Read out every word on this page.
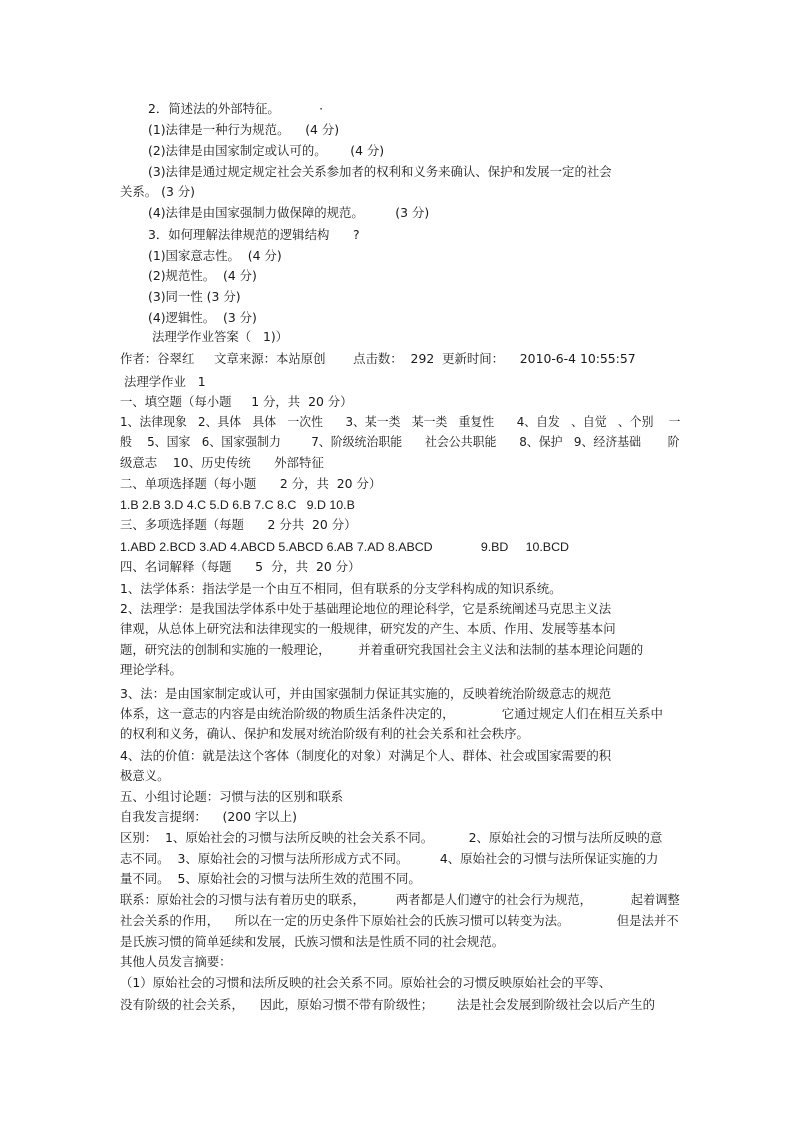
2．简述法的外部特征。          ·
(1)法律是一种行为规范。    (4 分)
(2)法律是由国家制定或认可的。      (4 分)
(3)法律是通过规定规定社会关系参加者的权利和义务来确认、保护和发展一定的社会
关系。 (3 分)
(4)法律是由国家强制力做保障的规范。        (3 分)
3．如何理解法律规范的逻辑结构      ?
(1)国家意志性。  (4 分)
(2)规范性。  (4 分)
(3)同一性 (3 分)
(4)逻辑性。  (3 分)
法理学作业答案（   1)）
作者：谷翠红     文章来源：本站原创       点击数：  292  更新时间：    2010-6-4 10:55:57
法理学作业   1
一、填空题（每小题     1 分，共  20 分）
1、法律现象   2、具体   具体   一次性      3、某一类   某一类   重复性      4、自发   、自觉   、个别    一
般    5、国家   6、国家强制力        7、阶级统治职能      社会公共职能      8、保护   9、经济基础       阶
级意志    10、历史传统      外部特征
二、单项选择题（每小题      2 分，共  20 分）
1.B 2.B 3.D 4.C 5.D 6.B 7.C 8.C   9.D 10.B
三、多项选择题（每题      2 分共  20 分）
1.ABD 2.BCD 3.AD 4.ABCD 5.ABCD 6.AB 7.AD 8.ABCD              9.BD     10.BCD
四、名词解释（每题      5  分，共  20 分）
1、法学体系：指法学是一个由互不相同，但有联系的分支学科构成的知识系统。
2、法理学：是我国法学体系中处于基础理论地位的理论科学，它是系统阐述马克思主义法
律观，从总体上研究法和法律现实的一般规律，研究发的产生、本质、作用、发展等基本问
题，研究法的创制和实施的一般理论，       并着重研究我国社会主义法和法制的基本理论问题的
理论学科。
3、法：是由国家制定或认可，并由国家强制力保证其实施的，反映着统治阶级意志的规范
体系，这一意志的内容是由统治阶级的物质生活条件决定的，            它通过规定人们在相互关系中
的权利和义务，确认、保护和发展对统治阶级有利的社会关系和社会秩序。
4、法的价值：就是法这个客体（制度化的对象）对满足个人、群体、社会或国家需要的积
极意义。
五、小组讨论题：习惯与法的区别和联系
自我发言提纲：    (200 字以上)
区别：  1、原始社会的习惯与法所反映的社会关系不同。         2、原始社会的习惯与法所反映的意
志不同。  3、原始社会的习惯与法所形成方式不同。        4、原始社会的习惯与法所保证实施的力
量不同。  5、原始社会的习惯与法所生效的范围不同。
联系：原始社会的习惯与法有着历史的联系，        两者都是人们遵守的社会行为规范，          起着调整
社会关系的作用，    所以在一定的历史条件下原始社会的氏族习惯可以转变为法。            但是法并不
是氏族习惯的简单延续和发展，氏族习惯和法是性质不同的社会规范。
其他人员发言摘要：
（1）原始社会的习惯和法所反映的社会关系不同。原始社会的习惯反映原始社会的平等、
没有阶级的社会关系，    因此，原始习惯不带有阶级性；      法是社会发展到阶级社会以后产生的
